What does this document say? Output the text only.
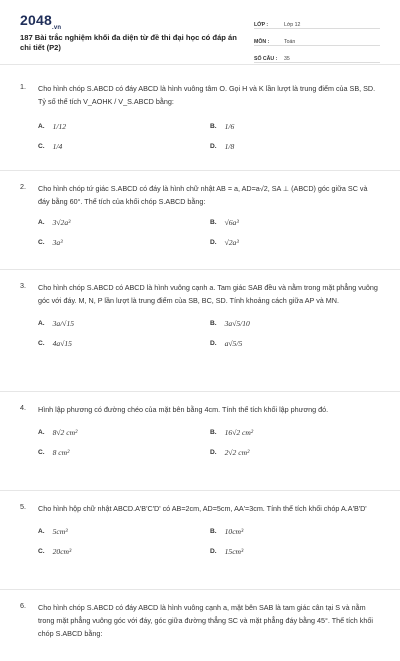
$2048_{.vn}$
187 Bài trắc nghiệm khối đa diện từ đề thi đại học có đáp án chi tiết (P2)
LỚP :	Lớp 12
MÔN :	Toán
SỐ CÂU :	35
1. Cho hình chóp S.ABCD có đáy ABCD là hình vuông tâm O. Gọi H và K lần lượt là trung điểm của SB, SD. Tỷ số thể tích V_AOHK / V_S.ABCD bằng:
A. 1/12	B. 1/6
C. 1/4	D. 1/8
2. Cho hình chóp tứ giác S.ABCD có đáy là hình chữ nhật AB = a, AD=a√2, SA ⊥ (ABCD) góc giữa SC và đáy bằng 60°. Thể tích của khối chóp S.ABCD bằng:
A. 3√2a³	B. √6a³
C. 3a³	D. √2a³
3. Cho hình chóp S.ABCD có ABCD là hình vuông cạnh a. Tam giác SAB đều và nằm trong mặt phẳng vuông góc với đáy. M, N, P lần lượt là trung điểm của SB, BC, SD. Tính khoảng cách giữa AP và MN.
A. 3a/√15	B. 3a√5/10
C. 4a√15	D. a√5/5
4. Hình lập phương có đường chéo của mặt bên bằng 4cm. Tính thể tích khối lập phương đó.
A. 8√2 cm²	B. 16√2 cm²
C. 8 cm²	D. 2√2 cm²
5. Cho hình hộp chữ nhật ABCD.A'B'C'D' có AB=2cm, AD=5cm, AA'=3cm. Tính thể tích khối chóp A.A'B'D'
A. 5cm³	B. 10cm³
C. 20cm³	D. 15cm³
6. Cho hình chóp S.ABCD có đáy ABCD là hình vuông cạnh a, mặt bên SAB là tam giác cân tại S và nằm trong mặt phẳng vuông góc với đáy, góc giữa đường thẳng SC và mặt phẳng đáy bằng 45°. Thể tích khối chóp S.ABCD bằng:
